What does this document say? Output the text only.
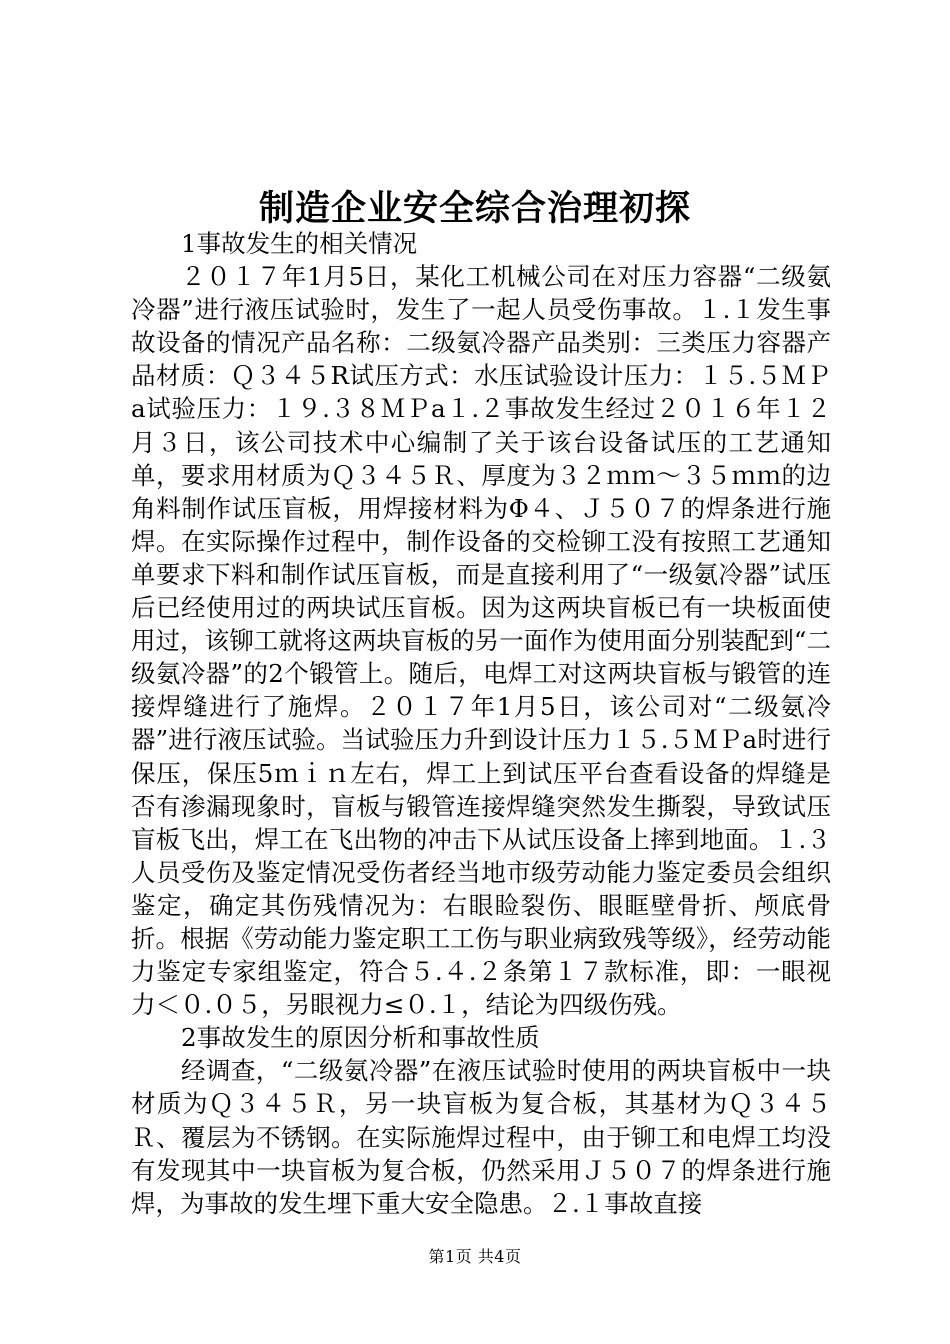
制造企业安全综合治理初探

1事故发生的相关情况

２０１７年1月5日，某化工机械公司在对压力容器“二级氨冷器”进行液压试验时，发生了一起人员受伤事故。１.１发生事故设备的情况产品名称：二级氨冷器产品类别：三类压力容器产品材质：Ｑ３４５R试压方式：水压试验设计压力：１５.５ＭＰa试验压力：１９.３８ＭＰa１.２事故发生经过２０１６年１２月３日，该公司技术中心编制了关于该台设备试压的工艺通知单，要求用材质为Ｑ３４５Ｒ、厚度为３２ｍｍ～３５ｍｍ的边角料制作试压盲板，用焊接材料为Φ４、Ｊ５０７的焊条进行施焊。在实际操作过程中，制作设备的交检铆工没有按照工艺通知单要求下料和制作试压盲板，而是直接利用了“一级氨冷器”试压后已经使用过的两块试压盲板。因为这两块盲板已有一块板面使用过，该铆工就将这两块盲板的另一面作为使用面分别装配到“二级氨冷器”的2个锻管上。随后，电焊工对这两块盲板与锻管的连接焊缝进行了施焊。２０１７年1月5日，该公司对“二级氨冷器”进行液压试验。当试验压力升到设计压力１５.５ＭＰa时进行保压，保压5ｍｉｎ左右，焊工上到试压平台查看设备的焊缝是否有渗漏现象时，盲板与锻管连接焊缝突然发生撕裂，导致试压盲板飞出，焊工在飞出物的冲击下从试压设备上摔到地面。１.３人员受伤及鉴定情况受伤者经当地市级劳动能力鉴定委员会组织鉴定，确定其伤残情况为：右眼睑裂伤、眼眶壁骨折、颅底骨折。根据《劳动能力鉴定职工工伤与职业病致残等级》，经劳动能力鉴定专家组鉴定，符合５.４.２条第１７款标准，即：一眼视力＜０.０５，另眼视力≤０.１，结论为四级伤残。

2事故发生的原因分析和事故性质

经调查，“二级氨冷器”在液压试验时使用的两块盲板中一块材质为Ｑ３４５Ｒ，另一块盲板为复合板，其基材为Ｑ３４５Ｒ、覆层为不锈钢。在实际施焊过程中，由于铆工和电焊工均没有发现其中一块盲板为复合板，仍然采用Ｊ５０７的焊条进行施焊，为事故的发生埋下重大安全隐患。２.１事故直接

第1页 共4页
